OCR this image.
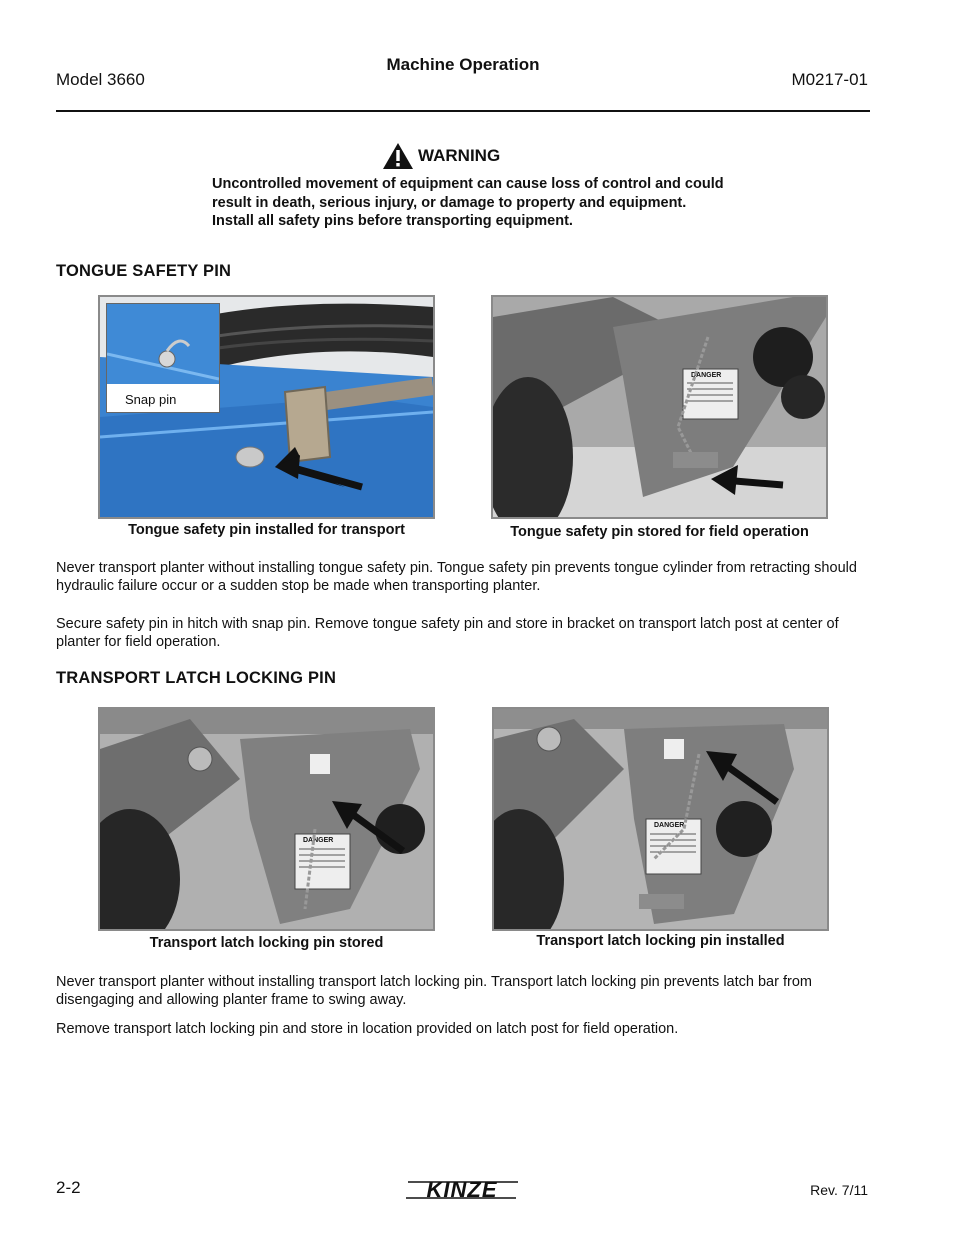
Model 3660
Machine Operation
M0217-01
WARNING
Uncontrolled movement of equipment can cause loss of control and could result in death, serious injury, or damage to property and equipment. Install all safety pins before transporting equipment.
TONGUE SAFETY PIN
Snap pin
Tongue safety pin installed for transport
DANGER
Tongue safety pin stored for field operation
Never transport planter without installing tongue safety pin. Tongue safety pin prevents tongue cylinder from retracting should hydraulic failure occur or a sudden stop be made when transporting planter.
Secure safety pin in hitch with snap pin. Remove tongue safety pin and store in bracket on transport latch post at center of planter for field operation.
TRANSPORT LATCH LOCKING PIN
DANGER
Transport latch locking pin stored
DANGER
Transport latch locking pin installed
Never transport planter without installing transport latch locking pin. Transport latch locking pin prevents latch bar from disengaging and allowing planter frame to swing away.
Remove transport latch locking pin and store in location provided on latch post for field operation.
2-2	KINZE	Rev. 7/11
